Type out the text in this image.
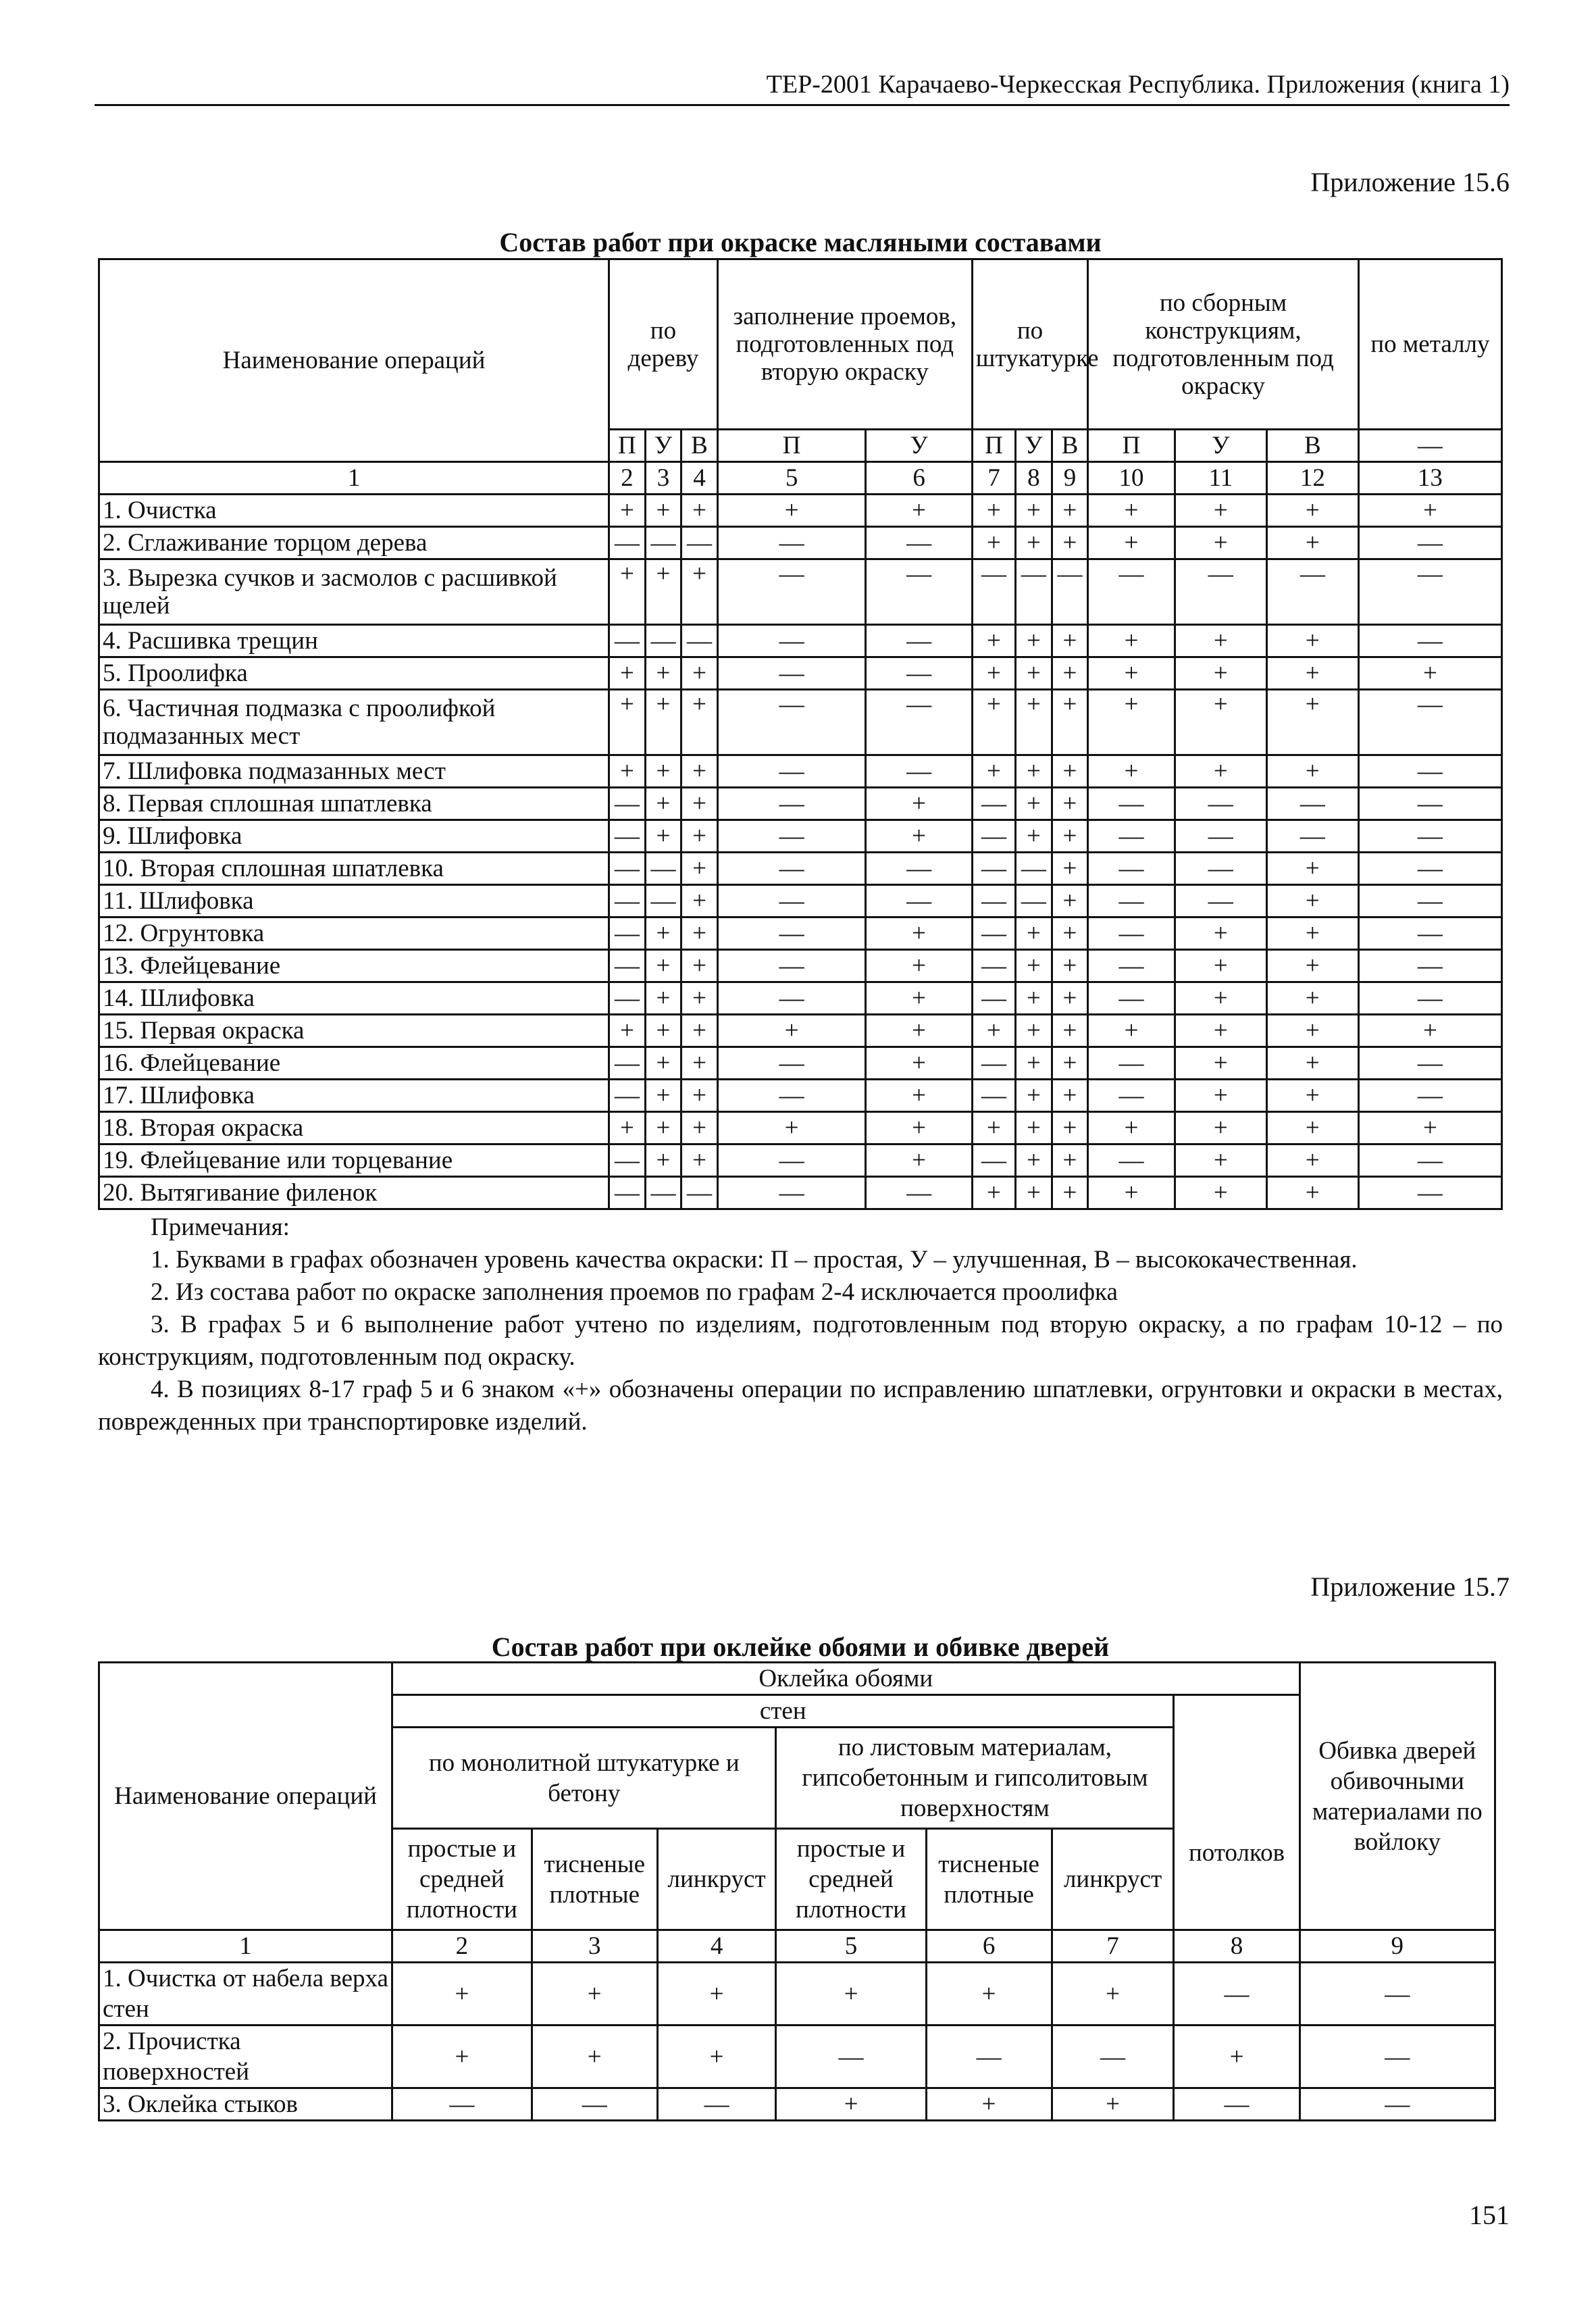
ТЕР-2001 Карачаево-Черкесская Республика. Приложения (книга 1)
Приложение 15.6
Состав работ при окраске масляными составами
Наименование операций	по дереву			заполнение проемов, подготовленных под вторую окраску		по штукатурке			по сборным конструкциям, подготовленным под окраску			по металлу
	П	У	В	П	У	П	У	В	П	У	В	—
1	2	3	4	5	6	7	8	9	10	11	12	13
1. Очистка	+	+	+	+	+	+	+	+	+	+	+	+
2. Сглаживание торцом дерева	—	—	—	—	—	+	+	+	+	+	+	—
3. Вырезка сучков и засмолов с расшивкой щелей	+	+	+	—	—	—	—	—	—	—	—	—
4. Расшивка трещин	—	—	—	—	—	+	+	+	+	+	+	—
5. Проолифка	+	+	+	—	—	+	+	+	+	+	+	+
6. Частичная подмазка с проолифкой подмазанных мест	+	+	+	—	—	+	+	+	+	+	+	—
7. Шлифовка подмазанных мест	+	+	+	—	—	+	+	+	+	+	+	—
8. Первая сплошная шпатлевка	—	+	+	—	+	—	+	+	—	—	—	—
9. Шлифовка	—	+	+	—	+	—	+	+	—	—	—	—
10. Вторая сплошная шпатлевка	—	—	+	—	—	—	—	+	—	—	+	—
11. Шлифовка	—	—	+	—	—	—	—	+	—	—	+	—
12. Огрунтовка	—	+	+	—	+	—	+	+	—	+	+	—
13. Флейцевание	—	+	+	—	+	—	+	+	—	+	+	—
14. Шлифовка	—	+	+	—	+	—	+	+	—	+	+	—
15. Первая окраска	+	+	+	+	+	+	+	+	+	+	+	+
16. Флейцевание	—	+	+	—	+	—	+	+	—	+	+	—
17. Шлифовка	—	+	+	—	+	—	+	+	—	+	+	—
18. Вторая окраска	+	+	+	+	+	+	+	+	+	+	+	+
19. Флейцевание или торцевание	—	+	+	—	+	—	+	+	—	+	+	—
20. Вытягивание филенок	—	—	—	—	—	+	+	+	+	+	+	—

Примечания:

1. Буквами в графах обозначен уровень качества окраски: П – простая, У – улучшенная, В – высококачественная.

2. Из состава работ по окраске заполнения проемов по графам 2-4 исключается проолифка

3. В графах 5 и 6 выполнение работ учтено по изделиям, подготовленным под вторую окраску, а по графам 10-12 – по конструкциям, подготовленным под окраску.

4. В позициях 8-17 граф 5 и 6 знаком «+» обозначены операции по исправлению шпатлевки, огрунтовки и окраски в местах, поврежденных при транспортировке изделий.

Приложение 15.7
Состав работ при оклейке обоями и обивке дверей
Наименование операций	Оклейка обоями							Обивка дверей обивочными материалами по войлоку
	стен						потолков	
	по монолитной штукатурке и бетону			по листовым материалам, гипсобетонным и гипсолитовым поверхностям				
	простые и средней плотности	тисненые плотные	линкруст	простые и средней плотности	тисненые плотные	линкруст		
1	2	3	4	5	6	7	8	9
1. Очистка от набела верха стен	+	+	+	+	+	+	—	—
2. Прочистка поверхностей	+	+	+	—	—	—	+	—
3. Оклейка стыков	—	—	—	+	+	+	—	—
151
